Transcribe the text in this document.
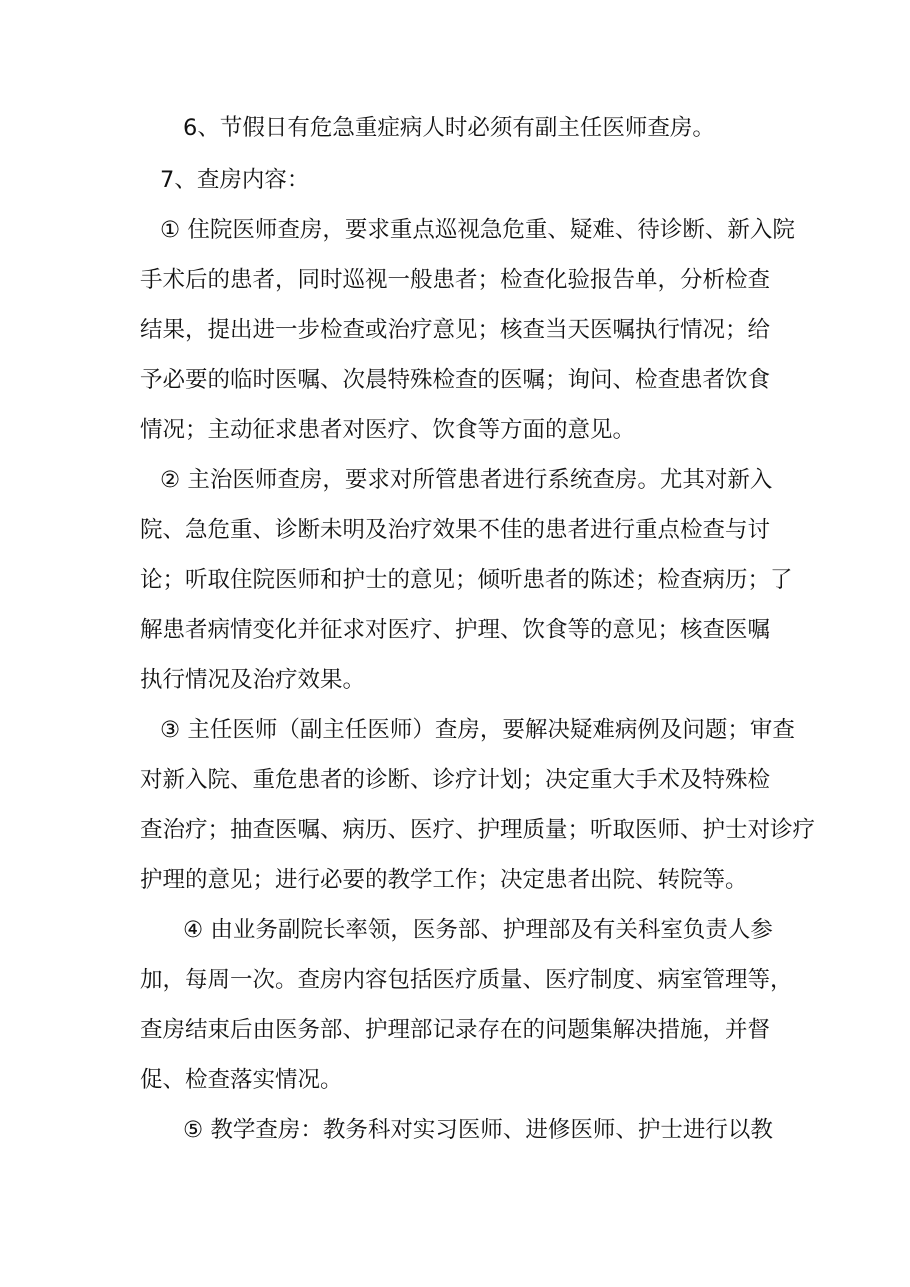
6、节假日有危急重症病人时必须有副主任医师查房。
7、查房内容：
① 住院医师查房，要求重点巡视急危重、疑难、待诊断、新入院
手术后的患者，同时巡视一般患者；检查化验报告单，分析检查
结果，提出进一步检查或治疗意见；核查当天医嘱执行情况；给
予必要的临时医嘱、次晨特殊检查的医嘱；询问、检查患者饮食
情况；主动征求患者对医疗、饮食等方面的意见。
② 主治医师查房，要求对所管患者进行系统查房。尤其对新入
院、急危重、诊断未明及治疗效果不佳的患者进行重点检查与讨
论；听取住院医师和护士的意见；倾听患者的陈述；检查病历；了
解患者病情变化并征求对医疗、护理、饮食等的意见；核查医嘱
执行情况及治疗效果。
③ 主任医师（副主任医师）查房，要解决疑难病例及问题；审查
对新入院、重危患者的诊断、诊疗计划；决定重大手术及特殊检
查治疗；抽查医嘱、病历、医疗、护理质量；听取医师、护士对诊疗
护理的意见；进行必要的教学工作；决定患者出院、转院等。
④ 由业务副院长率领，医务部、护理部及有关科室负责人参
加，每周一次。查房内容包括医疗质量、医疗制度、病室管理等，
查房结束后由医务部、护理部记录存在的问题集解决措施，并督
促、检查落实情况。
⑤ 教学查房：教务科对实习医师、进修医师、护士进行以教
